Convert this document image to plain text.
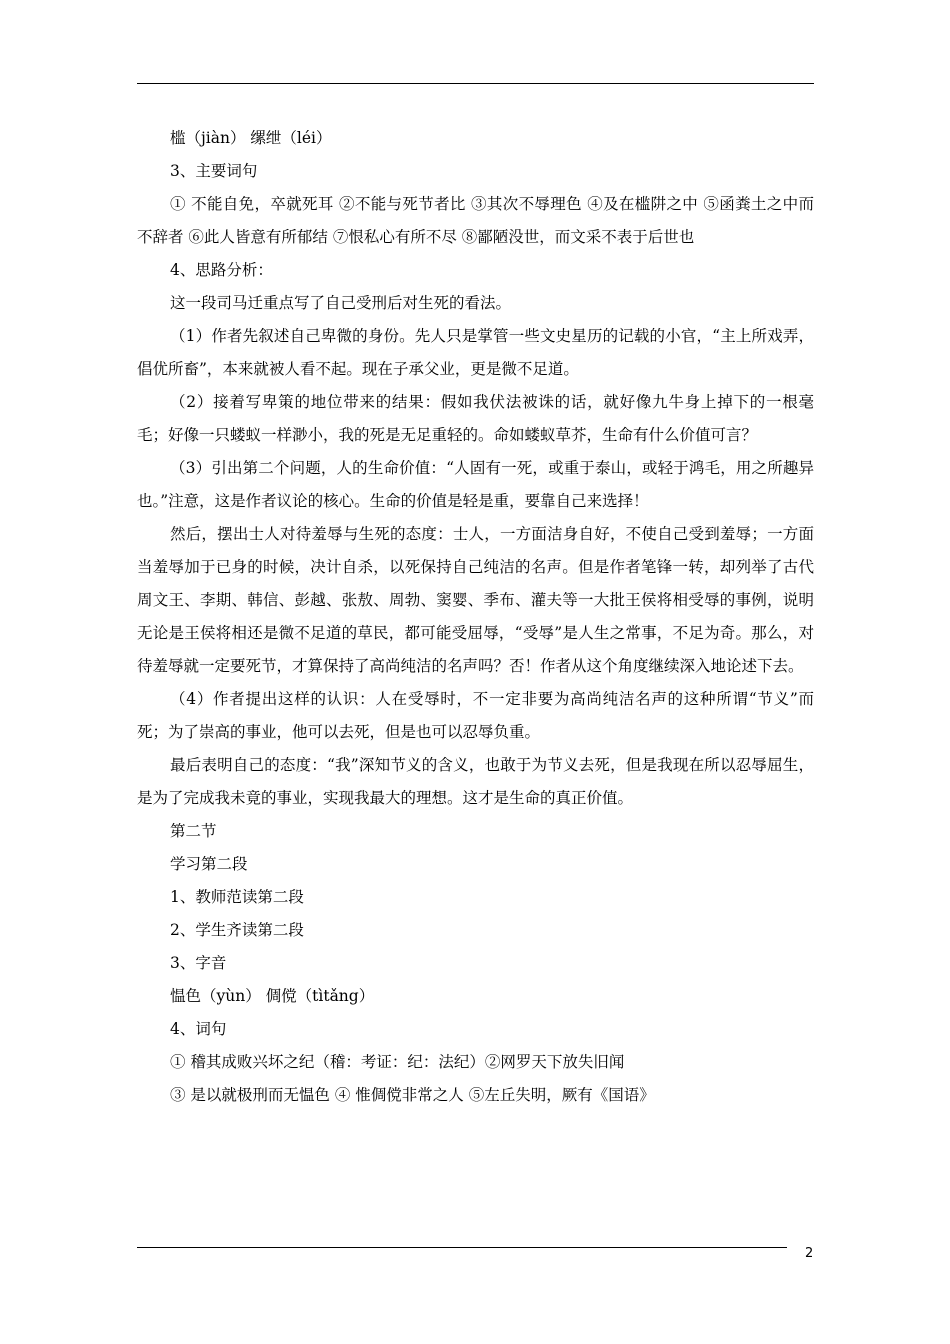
槛（jiàn） 缧绁（léi）

3、主要词句

① 不能自免，卒就死耳 ②不能与死节者比 ③其次不辱理色 ④及在槛阱之中 ⑤函粪土之中而不辞者 ⑥此人皆意有所郁结 ⑦恨私心有所不尽 ⑧鄙陋没世，而文采不表于后世也

4、思路分析：

这一段司马迁重点写了自己受刑后对生死的看法。

（1）作者先叙述自己卑微的身份。先人只是掌管一些文史星历的记载的小官，“主上所戏弄，倡优所畜”，本来就被人看不起。现在子承父业，更是微不足道。

（2）接着写卑策的地位带来的结果：假如我伏法被诛的话，就好像九牛身上掉下的一根毫毛；好像一只蝼蚁一样渺小，我的死是无足重轻的。命如蝼蚁草芥，生命有什么价值可言？

（3）引出第二个问题，人的生命价值：“人固有一死，或重于泰山，或轻于鸿毛，用之所趣异也。”注意，这是作者议论的核心。生命的价值是轻是重，要靠自己来选择！

然后，摆出士人对待羞辱与生死的态度：士人，一方面洁身自好，不使自己受到羞辱；一方面当羞辱加于已身的时候，决计自杀，以死保持自己纯洁的名声。但是作者笔锋一转，却列举了古代周文王、李期、韩信、彭越、张敖、周勃、窦婴、季布、灌夫等一大批王侯将相受辱的事例，说明无论是王侯将相还是微不足道的草民，都可能受屈辱，“受辱”是人生之常事，不足为奇。那么，对待羞辱就一定要死节，才算保持了高尚纯洁的名声吗？否！作者从这个角度继续深入地论述下去。

（4）作者提出这样的认识：人在受辱时，不一定非要为高尚纯洁名声的这种所谓“节义”而死；为了崇高的事业，他可以去死，但是也可以忍辱负重。

最后表明自己的态度：“我”深知节义的含义，也敢于为节义去死，但是我现在所以忍辱屈生，是为了完成我未竟的事业，实现我最大的理想。这才是生命的真正价值。

第二节

学习第二段

1、教师范读第二段

2、学生齐读第二段

3、字音

愠色（yùn） 倜傥（tìtǎng）

4、词句

① 稽其成败兴坏之纪（稽：考证：纪：法纪）②网罗天下放失旧闻

③ 是以就极刑而无愠色 ④ 惟倜傥非常之人 ⑤左丘失明，厥有《国语》

2
